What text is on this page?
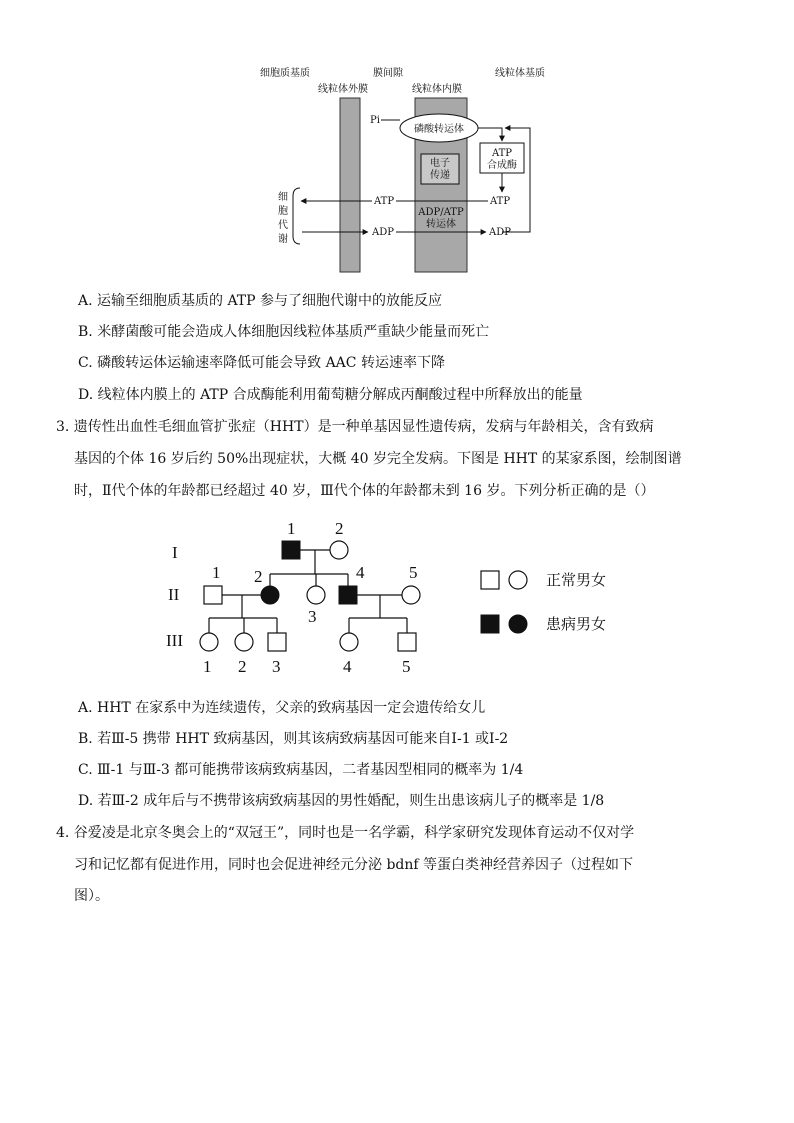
细胞质基质	膜间隙	线粒体基质
线粒体外膜	线粒体内膜
磷酸转运体
Pi
ATP
合成酶
电子
传递
ATP
ATP
ADP/ATP
转运体
ADP	ADP
细
胞
代
谢
A. 运输至细胞质基质的 ATP 参与了细胞代谢中的放能反应
B. 米酵菌酸可能会造成人体细胞因线粒体基质严重缺少能量而死亡
C. 磷酸转运体运输速率降低可能会导致 AAC 转运速率下降
D. 线粒体内膜上的 ATP 合成酶能利用葡萄糖分解成丙酮酸过程中所释放出的能量
3. 遗传性出血性毛细血管扩张症（HHT）是一种单基因显性遗传病，发病与年龄相关，含有致病
基因的个体 16 岁后约 50%出现症状，大概 40 岁完全发病。下图是 HHT 的某家系图，绘制图谱
时，Ⅱ代个体的年龄都已经超过 40 岁，Ⅲ代个体的年龄都未到 16 岁。下列分析正确的是（）
I
II
III
1 2
1 2
3
4	5
1 2 3	4	5
正常男女
患病男女
A. HHT 在家系中为连续遗传，父亲的致病基因一定会遗传给女儿
B. 若Ⅲ-5 携带 HHT 致病基因，则其该病致病基因可能来自Ⅰ-1 或Ⅰ-2
C. Ⅲ-1 与Ⅲ-3 都可能携带该病致病基因，二者基因型相同的概率为 1/4
D. 若Ⅲ-2 成年后与不携带该病致病基因的男性婚配，则生出患该病儿子的概率是 1/8
4. 谷爱凌是北京冬奥会上的“双冠王”，同时也是一名学霸，科学家研究发现体育运动不仅对学
习和记忆都有促进作用，同时也会促进神经元分泌 bdnf 等蛋白类神经营养因子（过程如下
图）。
